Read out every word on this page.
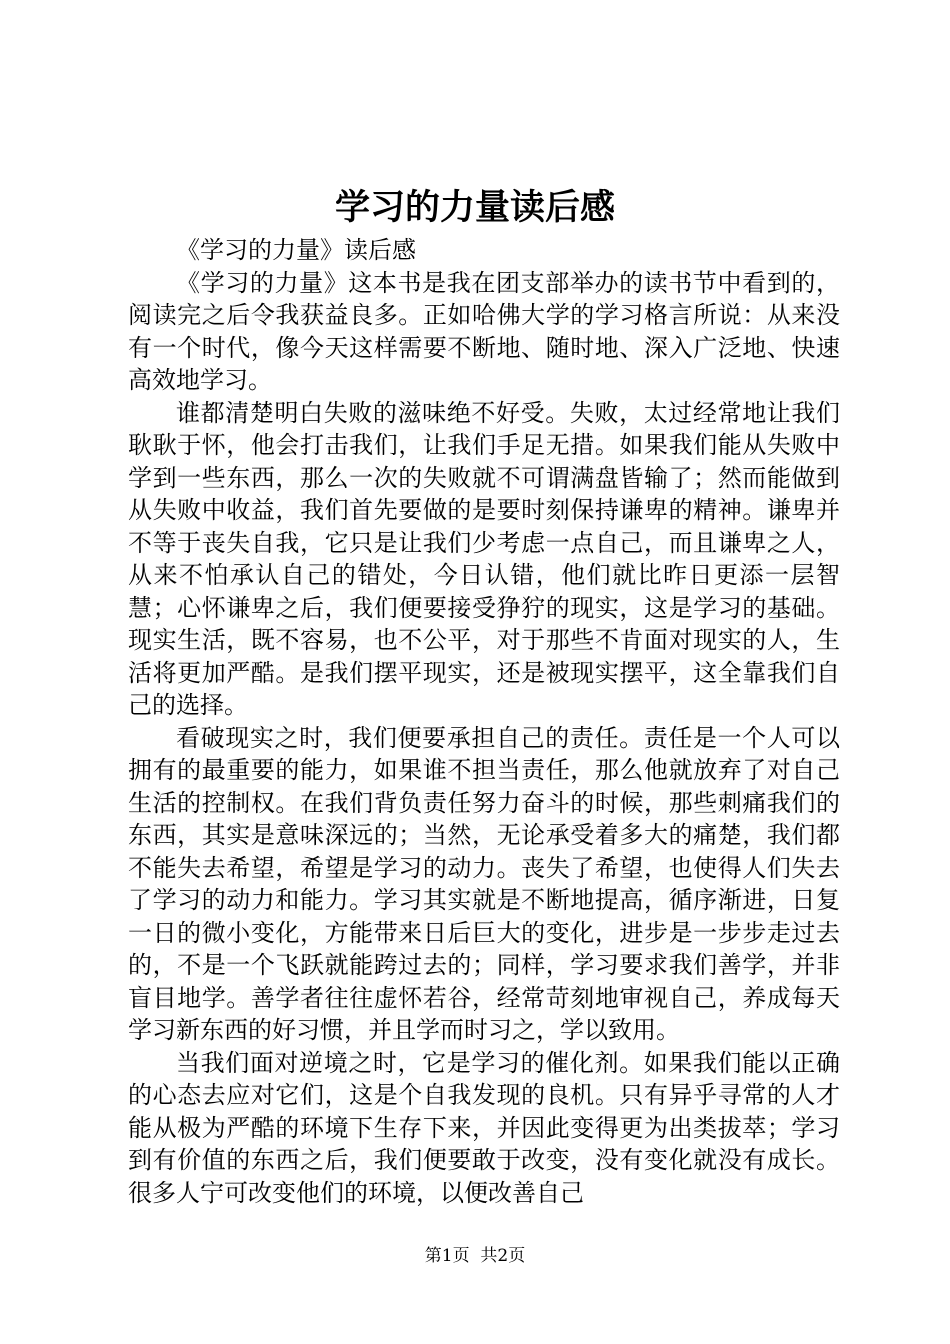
学习的力量读后感

《学习的力量》读后感

《学习的力量》这本书是我在团支部举办的读书节中看到的，阅读完之后令我获益良多。正如哈佛大学的学习格言所说：从来没有一个时代，像今天这样需要不断地、随时地、深入广泛地、快速高效地学习。

谁都清楚明白失败的滋味绝不好受。失败，太过经常地让我们耿耿于怀，他会打击我们，让我们手足无措。如果我们能从失败中学到一些东西，那么一次的失败就不可谓满盘皆输了；然而能做到从失败中收益，我们首先要做的是要时刻保持谦卑的精神。谦卑并不等于丧失自我，它只是让我们少考虑一点自己，而且谦卑之人，从来不怕承认自己的错处，今日认错，他们就比昨日更添一层智慧；心怀谦卑之后，我们便要接受狰狞的现实，这是学习的基础。现实生活，既不容易，也不公平，对于那些不肯面对现实的人，生活将更加严酷。是我们摆平现实，还是被现实摆平，这全靠我们自己的选择。

看破现实之时，我们便要承担自己的责任。责任是一个人可以拥有的最重要的能力，如果谁不担当责任，那么他就放弃了对自己生活的控制权。在我们背负责任努力奋斗的时候，那些刺痛我们的东西，其实是意味深远的；当然，无论承受着多大的痛楚，我们都不能失去希望，希望是学习的动力。丧失了希望，也使得人们失去了学习的动力和能力。学习其实就是不断地提高，循序渐进，日复一日的微小变化，方能带来日后巨大的变化，进步是一步步走过去的，不是一个飞跃就能跨过去的；同样，学习要求我们善学，并非盲目地学。善学者往往虚怀若谷，经常苛刻地审视自己，养成每天学习新东西的好习惯，并且学而时习之，学以致用。

当我们面对逆境之时，它是学习的催化剂。如果我们能以正确的心态去应对它们，这是个自我发现的良机。只有异乎寻常的人才能从极为严酷的环境下生存下来，并因此变得更为出类拔萃；学习到有价值的东西之后，我们便要敢于改变，没有变化就没有成长。很多人宁可改变他们的环境，以便改善自己

第1页 共2页
